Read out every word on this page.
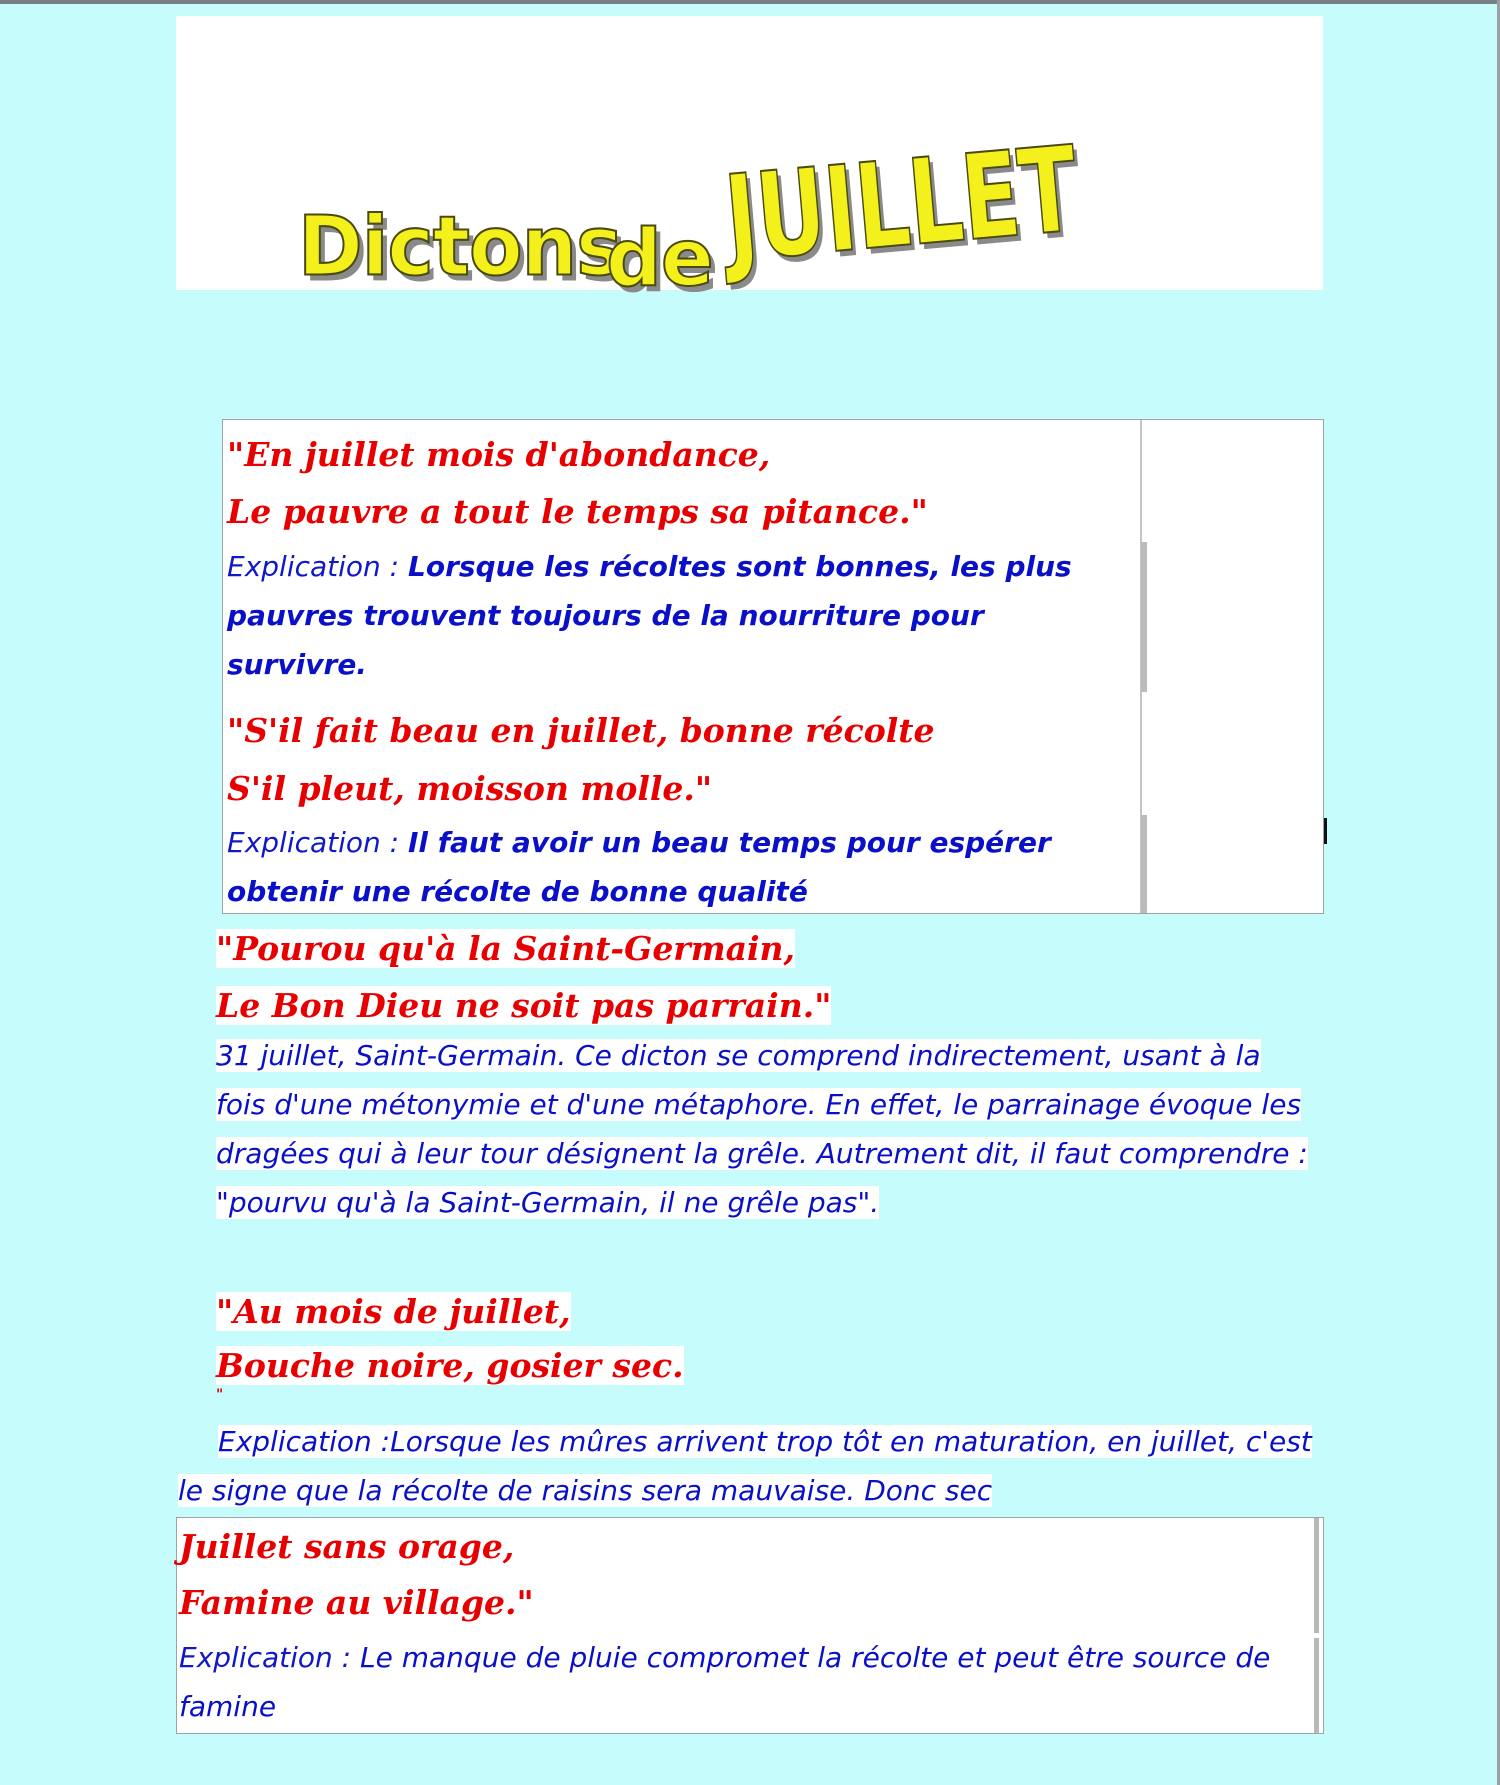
Dictons
de JUILLET

"En juillet mois d'abondance,

Le pauvre a tout le temps sa pitance."

Explication : Lorsque les récoltes sont bonnes, les plus pauvres trouvent toujours de la nourriture pour survivre.

"S'il fait beau en juillet, bonne récolte

S'il pleut, moisson molle."

Explication : Il faut avoir un beau temps pour espérer obtenir une récolte de bonne qualité

"Pourou qu'à la Saint-Germain,

Le Bon Dieu ne soit pas parrain."

31 juillet, Saint-Germain. Ce dicton se comprend indirectement, usant à la fois d'une métonymie et d'une métaphore. En effet, le parrainage évoque les dragées qui à leur tour désignent la grêle. Autrement dit, il faut comprendre : "pourvu qu'à la Saint-Germain, il ne grêle pas".

"Au mois de juillet,

Bouche noire, gosier sec.

"

Explication :Lorsque les mûres arrivent trop tôt en maturation, en juillet, c'est le signe que la récolte de raisins sera mauvaise. Donc sec

Juillet sans orage,

Famine au village."

Explication : Le manque de pluie compromet la récolte et peut être source de famine
